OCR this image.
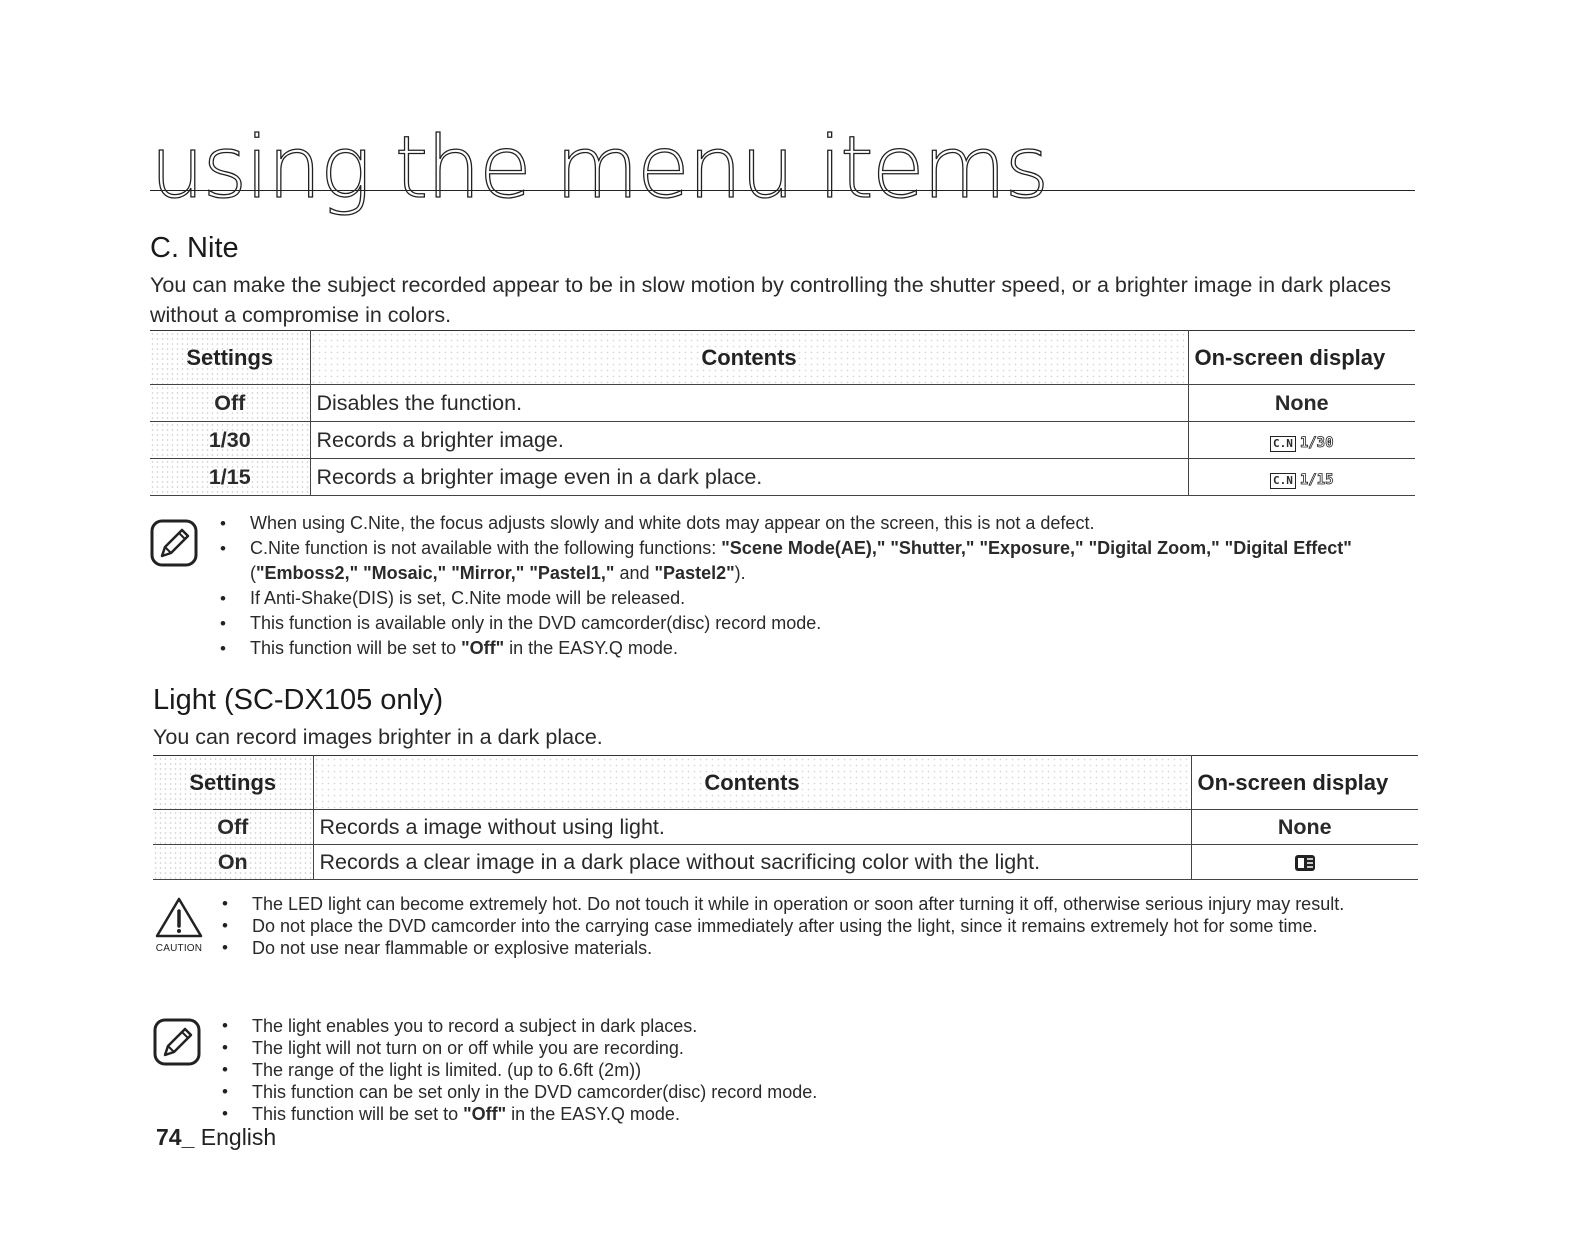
using the menu items
C. Nite

You can make the subject recorded appear to be in slow motion by controlling the shutter speed, or a brighter image in dark places without a compromise in colors.

Settings	Contents	On-screen display
Off	Disables the function.	None
1/30	Records a brighter image.	C.N 1/30
1/15	Records a brighter image even in a dark place.	C.N 1/15
• When using C.Nite, the focus adjusts slowly and white dots may appear on the screen, this is not a defect.
• C.Nite function is not available with the following functions: "Scene Mode(AE)," "Shutter," "Exposure," "Digital Zoom," "Digital Effect" ("Emboss2," "Mosaic," "Mirror," "Pastel1," and "Pastel2").
• If Anti-Shake(DIS) is set, C.Nite mode will be released.
• This function is available only in the DVD camcorder(disc) record mode.
• This function will be set to "Off" in the EASY.Q mode.
Light (SC-DX105 only)

You can record images brighter in a dark place.

Settings	Contents	On-screen display
Off	Records a image without using light.	None
On	Records a clear image in a dark place without sacrificing color with the light.	
CAUTION
• The LED light can become extremely hot. Do not touch it while in operation or soon after turning it off, otherwise serious injury may result.
• Do not place the DVD camcorder into the carrying case immediately after using the light, since it remains extremely hot for some time.
• Do not use near flammable or explosive materials.
• The light enables you to record a subject in dark places.
• The light will not turn on or off while you are recording.
• The range of the light is limited. (up to 6.6ft (2m))
• This function can be set only in the DVD camcorder(disc) record mode.
• This function will be set to "Off" in the EASY.Q mode.
74_ English
